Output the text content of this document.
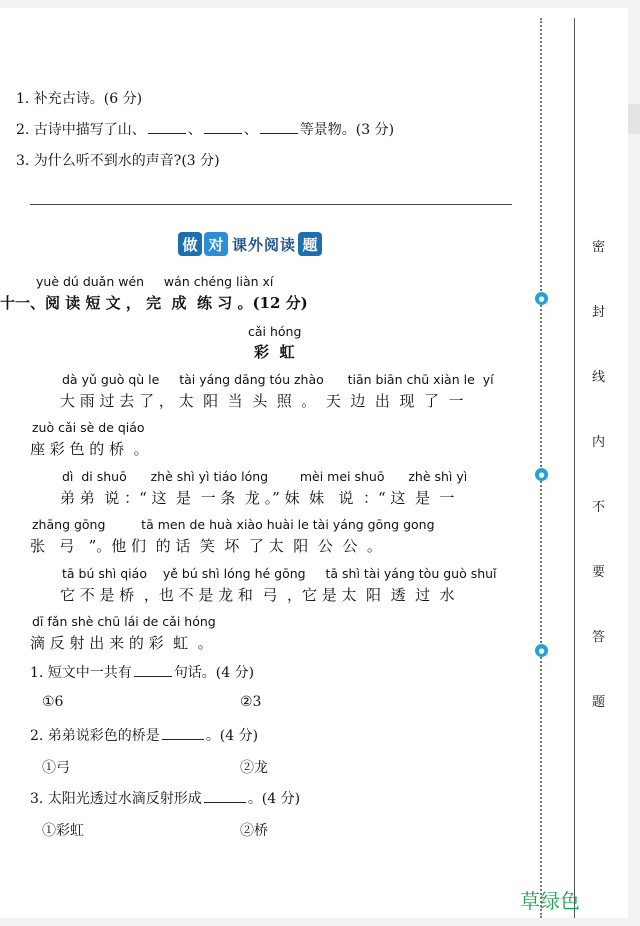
1. 补充古诗。(6 分)
2. 古诗中描写了山、	、	、	等景物。(3 分)
3. 为什么听不到水的声音?(3 分)
做 对 课外阅读 题
yuè dú duǎn wén     wán chéng liàn xí
十一、阅 读 短 文 ， 完  成  练 习 。(12 分)
cǎi hóng
彩  虹
dà yǔ guò qù le     tài yáng dāng tóu zhào      tiān biān chū xiàn le  yí
大 雨 过 去 了 ， 太  阳  当  头  照  。  天  边  出  现  了  一
zuò cǎi sè de qiáo
座 彩 色 的 桥  。
dì  di shuō      zhè shì yì tiáo lóng        mèi mei shuō      zhè shì yì
弟 弟  说 ：“ 这  是  一 条  龙 。” 妹  妹   说  ：“ 这  是  一
zhāng gōng         tā men de huà xiào huài le tài yáng gōng gong
张   弓   ”。他 们  的 话  笑  坏  了 太  阳  公  公  。
tā bú shì qiáo    yě bú shì lóng hé gōng     tā shì tài yáng tòu guò shuǐ
它 不 是 桥  ，也 不 是 龙 和  弓  ，它 是 太  阳  透  过  水
dī fǎn shè chū lái de cǎi hóng
滴 反 射 出 来 的 彩  虹  。
1. 短文中一共有	句话。(4 分)
①6	②3
2. 弟弟说彩色的桥是	。(4 分)
①弓	②龙
3. 太阳光透过水滴反射形成	。(4 分)
①彩虹	②桥
●
●
●
密
封
线
内
不
要
答
题
草绿色
